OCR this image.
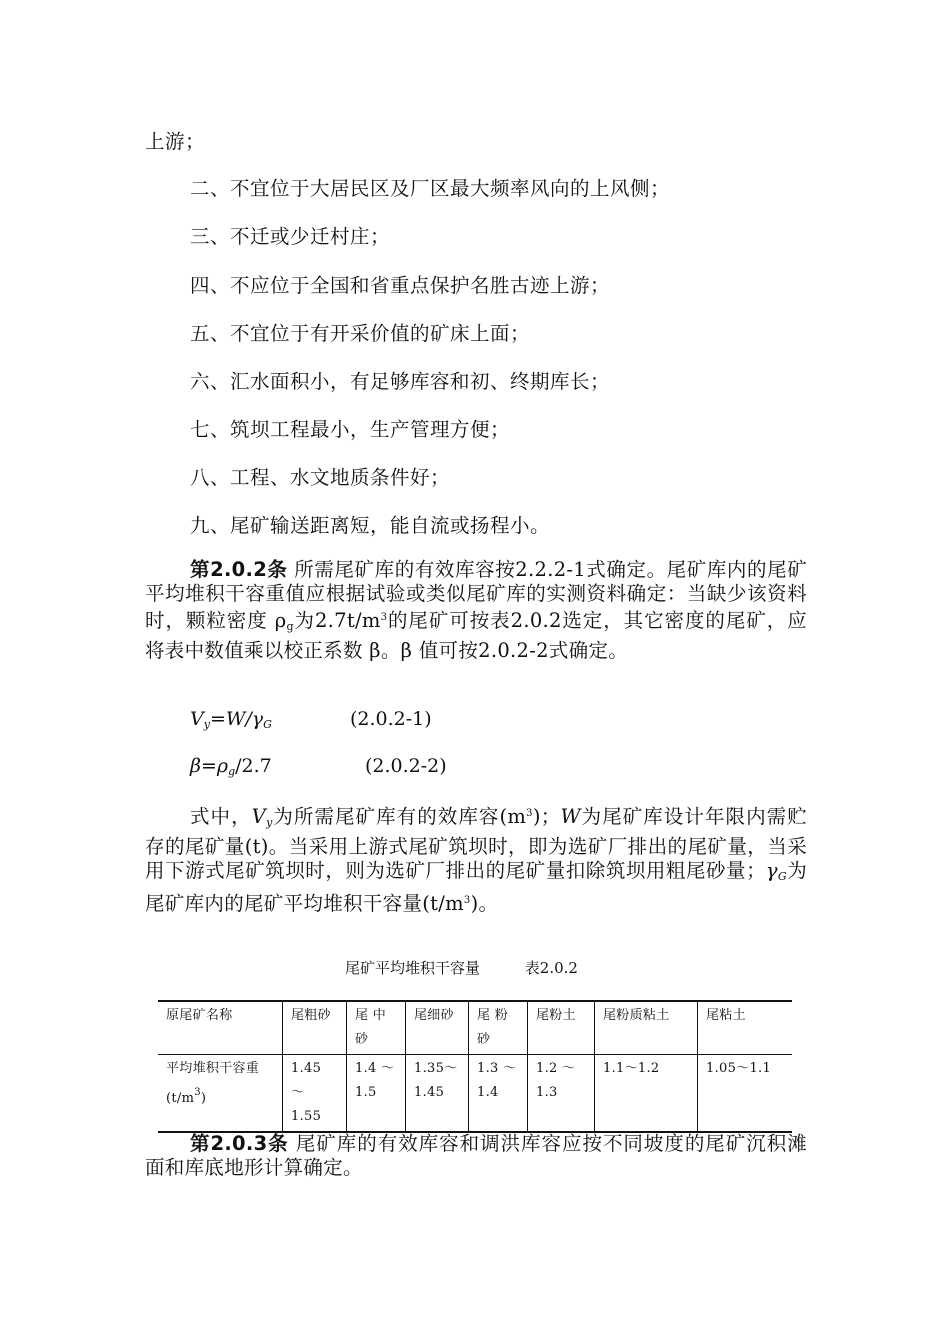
上游；
二、不宜位于大居民区及厂区最大频率风向的上风侧；
三、不迁或少迁村庄；
四、不应位于全国和省重点保护名胜古迹上游；
五、不宜位于有开采价值的矿床上面；
六、汇水面积小，有足够库容和初、终期库长；
七、筑坝工程最小，生产管理方便；
八、工程、水文地质条件好；
九、尾矿输送距离短，能自流或扬程小。
第2.0.2条 所需尾矿库的有效库容按2.2.2-1式确定。尾矿库内的尾矿平均堆积干容重值应根据试验或类似尾矿库的实测资料确定：当缺少该资料时，颗粒密度 $\rho_g$为$2.7t/m^3$的尾矿可按表2.0.2选定，其它密度的尾矿，应将表中数值乘以校正系数 β。β 值可按2.0.2-2式确定。
$V_y=W/\gamma_G$	(2.0.2-1)
$\beta=\rho_g/2.7$	(2.0.2-2)
式中，$V_y$为所需尾矿库有的效库容$(m^3)$；W为尾矿库设计年限内需贮存的尾矿量(t)。当采用上游式尾矿筑坝时，即为选矿厂排出的尾矿量，当采用下游式尾矿筑坝时，则为选矿厂排出的尾矿量扣除筑坝用粗尾砂量；$\gamma_G$为尾矿库内的尾矿平均堆积干容量$(t/m^3)$。
尾矿平均堆积干容量	表2.0.2
原尾矿名称	尾粗砂	尾 中 砂	尾细砂	尾 粉 砂	尾粉土	尾粉质粘土	尾粘土
平均堆积干容重$(t/m^3)$	1.45 ～ 1.55	1.4 ～ 1.5	1.35～ 1.45	1.3 ～ 1.4	1.2 ～ 1.3	1.1～1.2	1.05～1.1
第2.0.3条 尾矿库的有效库容和调洪库容应按不同坡度的尾矿沉积滩面和库底地形计算确定。
